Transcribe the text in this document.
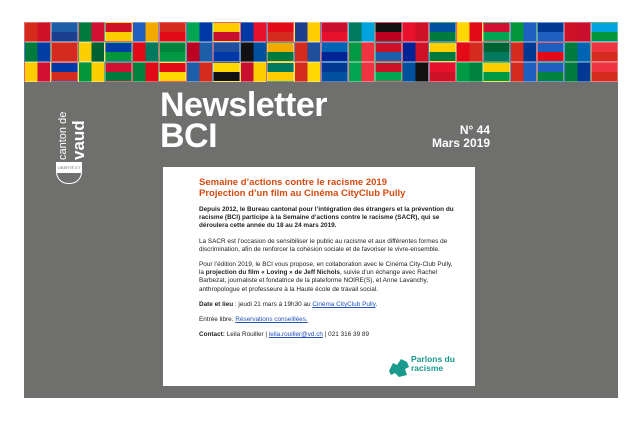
canton de vaud
LIBERTÉ ET PATRIE
Newsletter
BCI	N° 44
Mars 2019
Semaine d’actions contre le racisme 2019
Projection d’un film au Cinéma CityClub Pully

Depuis 2012, le Bureau cantonal pour l’intégration des étrangers et la prévention du racisme (BCI) participe à la Semaine d’actions contre le racisme (SACR), qui se déroulera cette année du 18 au 24 mars 2019.

La SACR est l’occasion de sensibiliser le public au racisme et aux différentes formes de discrimination, afin de renforcer la cohésion sociale et de favoriser le vivre-ensemble.

Pour l’édition 2019, le BCI vous propose, en collaboration avec le Cinéma City-Club Pully, la projection du film « Loving » de Jeff Nichols, suivie d’un échange avec Rachel Barbezat, journaliste et fondatrice de la plateforme NOIRE(S), et Anne Lavanchy, anthropologue et professeure à la Haute école de travail social.

Date et lieu : jeudi 21 mars à 19h30 au Cinéma CityClub Pully.

Entrée libre. Réservations conseillées.

Contact: Leila Rouiller | leila.rouiller@vd.ch | 021 316 39 89

Parlons du
racisme
